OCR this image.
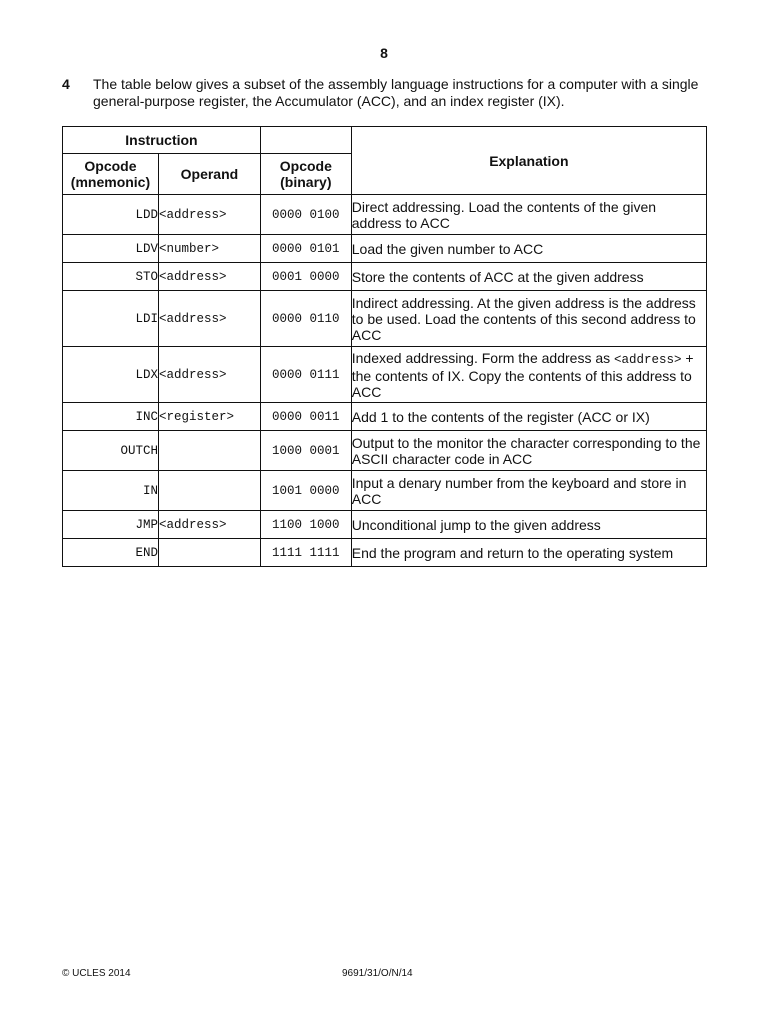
8
4 The table below gives a subset of the assembly language instructions for a computer with a single general-purpose register, the Accumulator (ACC), and an index register (IX).
Instruction			Explanation
Opcode (mnemonic)	Operand	Opcode (binary)	
LDD	<address>	0000 0100	Direct addressing. Load the contents of the given address to ACC
LDV	<number>	0000 0101	Load the given number to ACC
STO	<address>	0001 0000	Store the contents of ACC at the given address
LDI	<address>	0000 0110	Indirect addressing. At the given address is the address to be used. Load the contents of this second address to ACC
LDX	<address>	0000 0111	Indexed addressing. Form the address as <address> + the contents of IX. Copy the contents of this address to ACC
INC	<register>	0000 0011	Add 1 to the contents of the register (ACC or IX)
OUTCH		1000 0001	Output to the monitor the character corresponding to the ASCII character code in ACC
IN		1001 0000	Input a denary number from the keyboard and store in ACC
JMP	<address>	1100 1000	Unconditional jump to the given address
END		1111 1111	End the program and return to the operating system
© UCLES 2014	9691/31/O/N/14
